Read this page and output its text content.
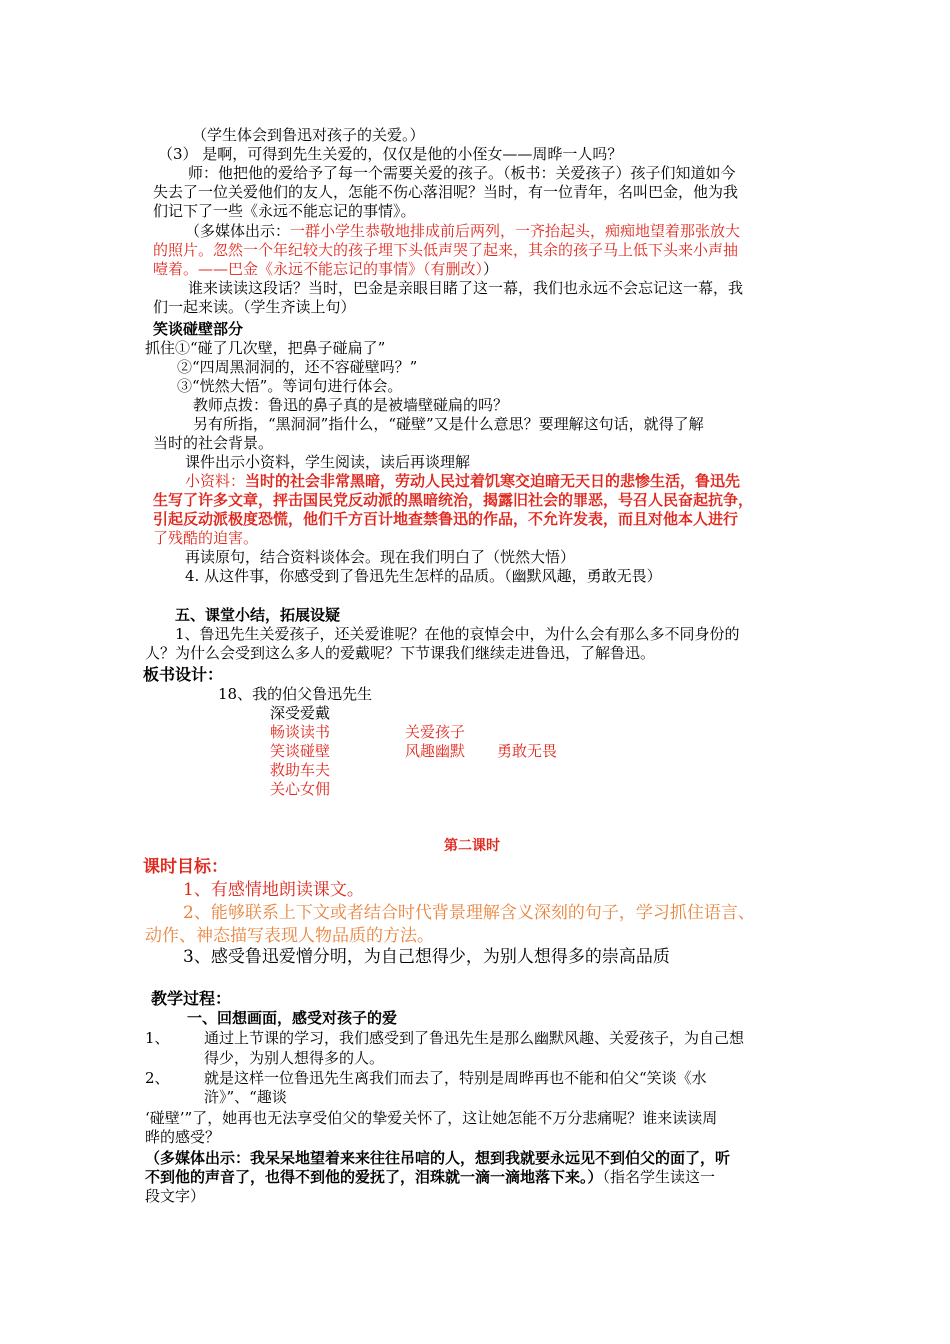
（学生体会到鲁迅对孩子的关爱。）
（3） 是啊，可得到先生关爱的，仅仅是他的小侄女——周晔一人吗？
师：他把他的爱给予了每一个需要关爱的孩子。（板书：关爱孩子）孩子们知道如今
失去了一位关爱他们的友人，怎能不伤心落泪呢？当时，有一位青年，名叫巴金，他为我
们记下了一些《永远不能忘记的事情》。
（多媒体出示：一群小学生恭敬地排成前后两列，一齐抬起头，痴痴地望着那张放大
的照片。忽然一个年纪较大的孩子埋下头低声哭了起来，其余的孩子马上低下头来小声抽
噎着。——巴金《永远不能忘记的事情》（有删改））
谁来读读这段话？当时，巴金是亲眼目睹了这一幕，我们也永远不会忘记这一幕，我
们一起来读。（学生齐读上句）
笑谈碰壁部分
抓住①“碰了几次壁，把鼻子碰扁了”
②“四周黑洞洞的，还不容碰壁吗？”
③“恍然大悟”。等词句进行体会。
教师点拨：鲁迅的鼻子真的是被墙壁碰扁的吗？
另有所指，“黑洞洞”指什么，“碰壁”又是什么意思？要理解这句话，就得了解
当时的社会背景。
课件出示小资料，学生阅读，读后再谈理解
小资料：当时的社会非常黑暗，劳动人民过着饥寒交迫暗无天日的悲惨生活，鲁迅先
生写了许多文章，抨击国民党反动派的黑暗统治，揭露旧社会的罪恶，号召人民奋起抗争，
引起反动派极度恐慌，他们千方百计地查禁鲁迅的作品，不允许发表，而且对他本人进行
了残酷的迫害。
再读原句，结合资料谈体会。现在我们明白了（恍然大悟）
4. 从这件事，你感受到了鲁迅先生怎样的品质。（幽默风趣，勇敢无畏）
五、课堂小结，拓展设疑
1、鲁迅先生关爱孩子，还关爱谁呢？在他的哀悼会中，为什么会有那么多不同身份的
人？为什么会受到这么多人的爱戴呢？下节课我们继续走进鲁迅，了解鲁迅。
板书设计：
18、我的伯父鲁迅先生
深受爱戴
畅谈读书
笑谈碰壁
救助车夫
关心女佣
关爱孩子
风趣幽默 勇敢无畏
第二课时
课时目标：
1、有感情地朗读课文。
2、能够联系上下文或者结合时代背景理解含义深刻的句子，学习抓住语言、
动作、神态描写表现人物品质的方法。
3、感受鲁迅爱憎分明，为自己想得少，为别人想得多的崇高品质
教学过程：
一、回想画面，感受对孩子的爱
1、 通过上节课的学习，我们感受到了鲁迅先生是那么幽默风趣、关爱孩子，为自己想
得少，为别人想得多的人。
2、 就是这样一位鲁迅先生离我们而去了，特别是周晔再也不能和伯父“笑谈《水
浒》”、“趣谈
‘碰壁’”了，她再也无法享受伯父的挚爱关怀了，这让她怎能不万分悲痛呢？谁来读读周
晔的感受？
（多媒体出示：我呆呆地望着来来往往吊唁的人，想到我就要永远见不到伯父的面了，听
不到他的声音了，也得不到他的爱抚了，泪珠就一滴一滴地落下来。）（指名学生读这一
段文字）
